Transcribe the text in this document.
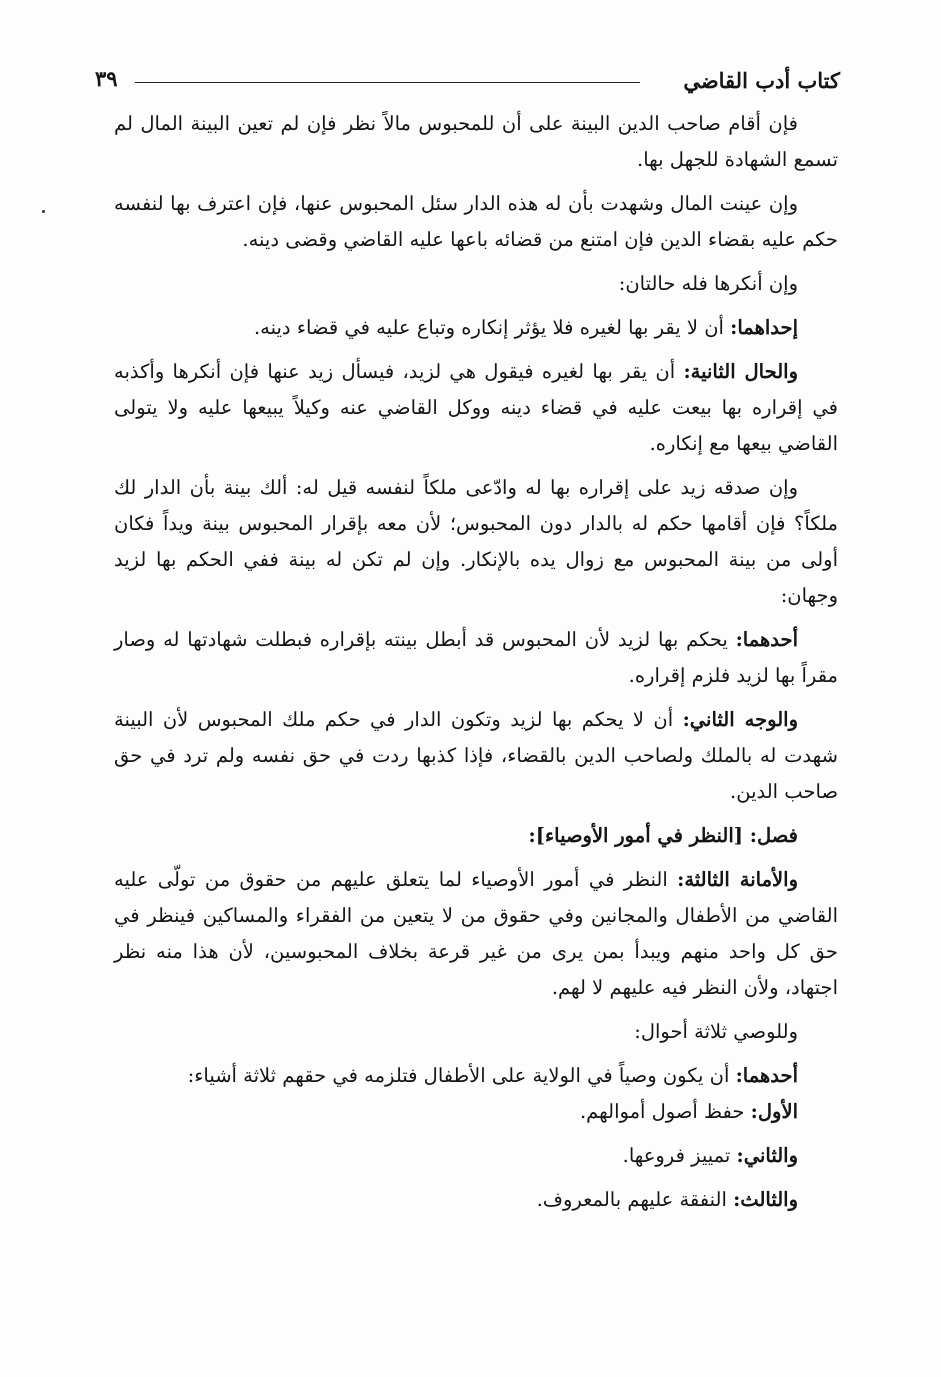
كتاب أدب القاضي
٣٩

فإن أقام صاحب الدين البينة على أن للمحبوس مالاً نظر فإن لم تعين البينة المال لم تسمع الشهادة للجهل بها.

وإن عينت المال وشهدت بأن له هذه الدار سئل المحبوس عنها، فإن اعترف بها لنفسه حكم عليه بقضاء الدين فإن امتنع من قضائه باعها عليه القاضي وقضى دينه.

وإن أنكرها فله حالتان:

إحداهما: أن لا يقر بها لغيره فلا يؤثر إنكاره وتباع عليه في قضاء دينه.

والحال الثانية: أن يقر بها لغيره فيقول هي لزيد، فيسأل زيد عنها فإن أنكرها وأكذبه في إقراره بها بيعت عليه في قضاء دينه ووكل القاضي عنه وكيلاً يبيعها عليه ولا يتولى القاضي بيعها مع إنكاره.

وإن صدقه زيد على إقراره بها له وادّعى ملكاً لنفسه قيل له: ألك بينة بأن الدار لك ملكاً؟ فإن أقامها حكم له بالدار دون المحبوس؛ لأن معه بإقرار المحبوس بينة ويداً فكان أولى من بينة المحبوس مع زوال يده بالإنكار. وإن لم تكن له بينة ففي الحكم بها لزيد وجهان:

أحدهما: يحكم بها لزيد لأن المحبوس قد أبطل بينته بإقراره فبطلت شهادتها له وصار مقراً بها لزيد فلزم إقراره.

والوجه الثاني: أن لا يحكم بها لزيد وتكون الدار في حكم ملك المحبوس لأن البينة شهدت له بالملك ولصاحب الدين بالقضاء، فإذا كذبها ردت في حق نفسه ولم ترد في حق صاحب الدين.

فصل: [النظر في أمور الأوصياء]:

والأمانة الثالثة: النظر في أمور الأوصياء لما يتعلق عليهم من حقوق من تولّى عليه القاضي من الأطفال والمجانين وفي حقوق من لا يتعين من الفقراء والمساكين فينظر في حق كل واحد منهم ويبدأ بمن يرى من غير قرعة بخلاف المحبوسين، لأن هذا منه نظر اجتهاد، ولأن النظر فيه عليهم لا لهم.

وللوصي ثلاثة أحوال:

أحدهما: أن يكون وصياً في الولاية على الأطفال فتلزمه في حقهم ثلاثة أشياء:

الأول: حفظ أصول أموالهم.

والثاني: تمييز فروعها.

والثالث: النفقة عليهم بالمعروف.
